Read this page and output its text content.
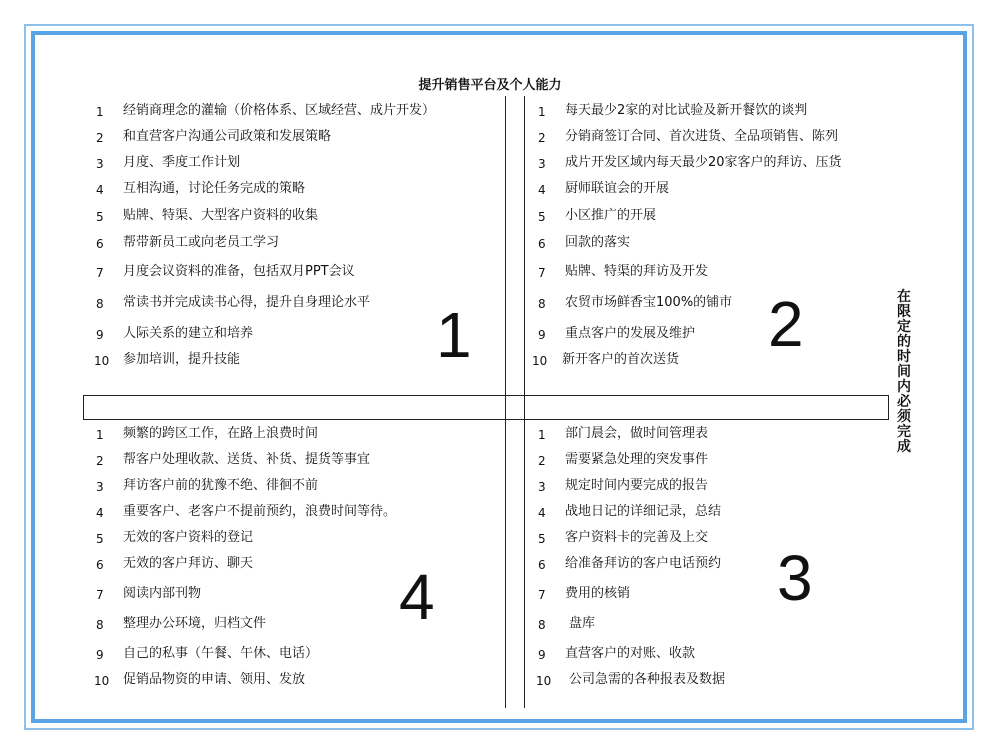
提升销售平台及个人能力
在限定的时间内必须完成
1 经销商理念的灌输（价格体系、区域经营、成片开发）
2 和直营客户沟通公司政策和发展策略
3 月度、季度工作计划
4 互相沟通，讨论任务完成的策略
5 贴牌、特渠、大型客户资料的收集
6 帮带新员工或向老员工学习
7 月度会议资料的准备，包括双月PPT会议
8 常读书并完成读书心得，提升自身理论水平
9 人际关系的建立和培养
10 参加培训，提升技能	1
1 每天最少2家的对比试验及新开餐饮的谈判
2 分销商签订合同、首次进货、全品项销售、陈列
3 成片开发区域内每天最少20家客户的拜访、压货
4 厨师联谊会的开展
5 小区推广的开展
6 回款的落实
7 贴牌、特渠的拜访及开发
8 农贸市场鲜香宝100%的铺市
9 重点客户的发展及维护
10 新开客户的首次送货 2
1 部门晨会，做时间管理表
2 需要紧急处理的突发事件
3 规定时间内要完成的报告
4 战地日记的详细记录，总结
5 客户资料卡的完善及上交
6 给准备拜访的客户电话预约
7 费用的核销
8 盘库
9 直营客户的对账、收款
10 公司急需的各种报表及数据
3
1 频繁的跨区工作，在路上浪费时间
2 帮客户处理收款、送货、补货、提货等事宜
3 拜访客户前的犹豫不绝、徘徊不前
4 重要客户、老客户不提前预约，浪费时间等待。
5 无效的客户资料的登记
6 无效的客户拜访、聊天
7 阅读内部刊物
8 整理办公环境，归档文件
9 自己的私事（午餐、午休、电话）
10 促销品物资的申请、领用、发放
4
